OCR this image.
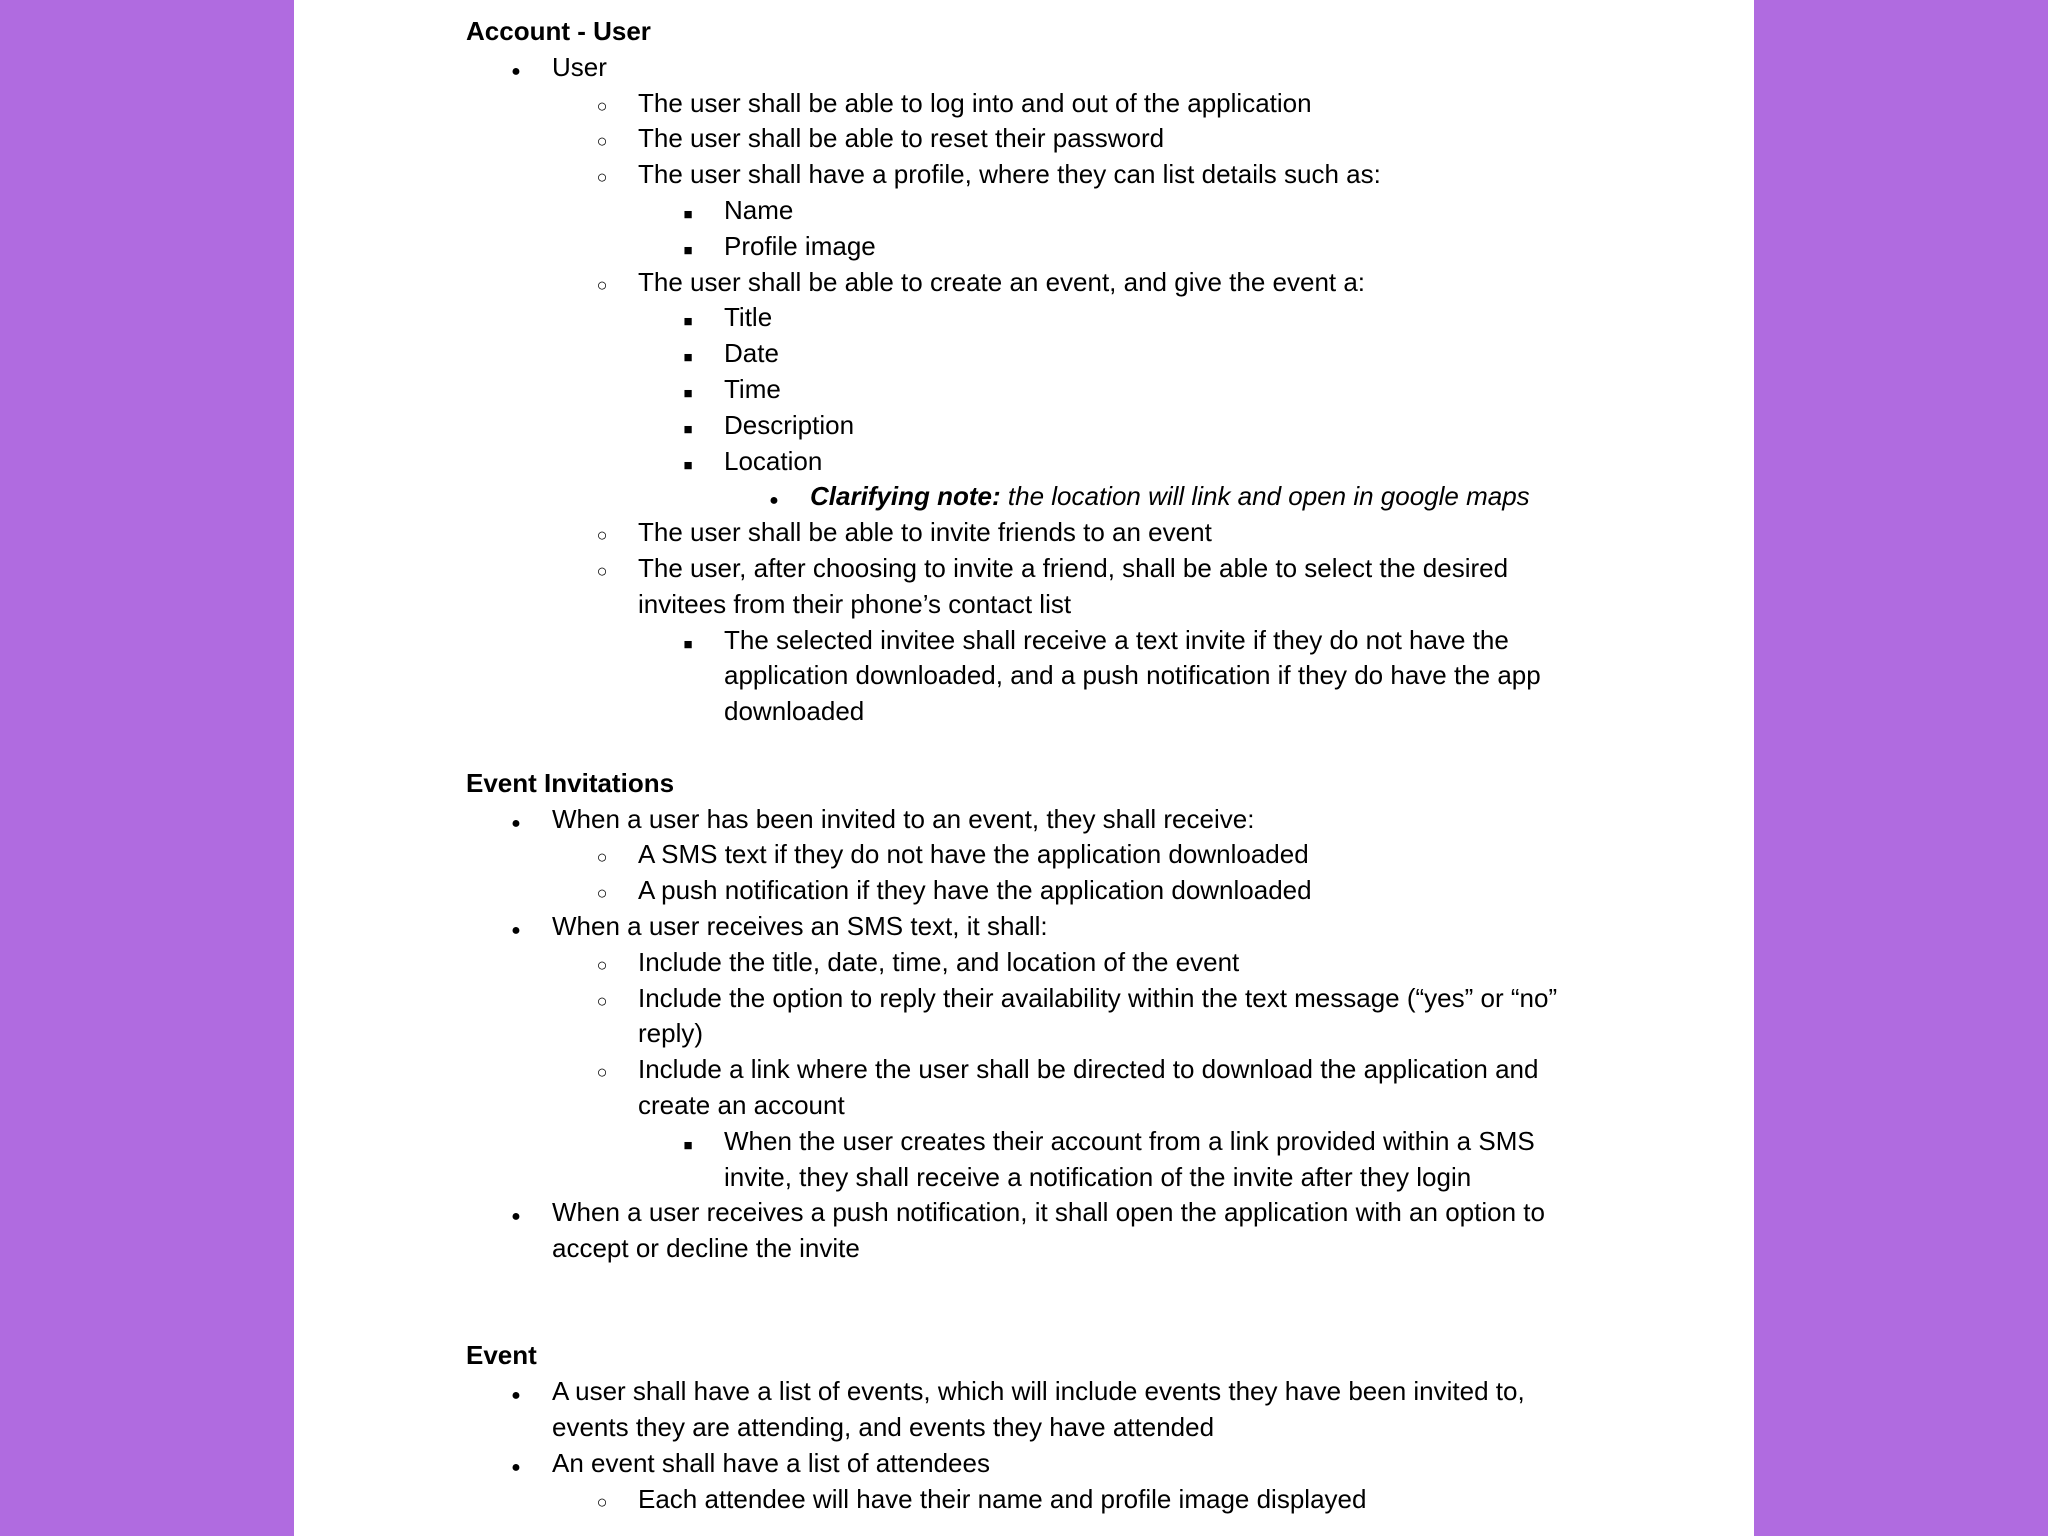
Account - User

●
User
○
The user shall be able to log into and out of the application
○
The user shall be able to reset their password
○
The user shall have a profile, where they can list details such as:
■
Name
■
Profile image
○
The user shall be able to create an event, and give the event a:
■
Title
■
Date
■
Time
■
Description
■
Location
●
Clarifying note: the location will link and open in google maps
○
The user shall be able to invite friends to an event
○
The user, after choosing to invite a friend, shall be able to select the desired invitees from their phone’s contact list
■
The selected invitee shall receive a text invite if they do not have the application downloaded, and a push notification if they do have the app downloaded

Event Invitations

●
When a user has been invited to an event, they shall receive:
○
A SMS text if they do not have the application downloaded
○
A push notification if they have the application downloaded
●
When a user receives an SMS text, it shall:
○
Include the title, date, time, and location of the event
○
Include the option to reply their availability within the text message (“yes” or “no” reply)
○
Include a link where the user shall be directed to download the application and create an account
■
When the user creates their account from a link provided within a SMS invite, they shall receive a notification of the invite after they login
●
When a user receives a push notification, it shall open the application with an option to accept or decline the invite

Event

●
A user shall have a list of events, which will include events they have been invited to, events they are attending, and events they have attended
●
An event shall have a list of attendees
○
Each attendee will have their name and profile image displayed
